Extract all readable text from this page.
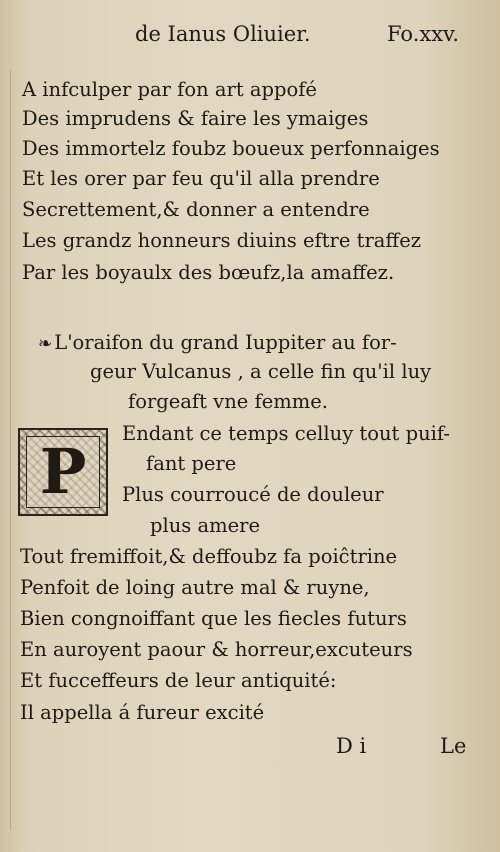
de Ianus Oliuier.	Fo.xxv.
A infculper par fon art appofé
Des imprudens & faire les ymaiges
Des immortelz foubz boueux perfonnaiges
Et les orer par feu qu'il alla prendre
Secrettement,& donner a entendre
Les grandz honneurs diuins eftre traffez
Par les boyaulx des bœufz,la amaffez.
❧ L'oraifon du grand Iuppiter au for-
geur Vulcanus , a celle fin qu'il luy
forgeaft vne femme.
P
Endant ce temps celluy tout puif-
fant pere
Plus courroucé de douleur
plus amere
Tout fremiffoit,& deffoubz fa poiĉtrine
Penfoit de loing autre mal & ruyne,
Bien congnoiffant que les fiecles futurs
En auroyent paour & horreur,excuteurs
Et fucceffeurs de leur antiquité:
Il appella á fureur excité
D i	Le
